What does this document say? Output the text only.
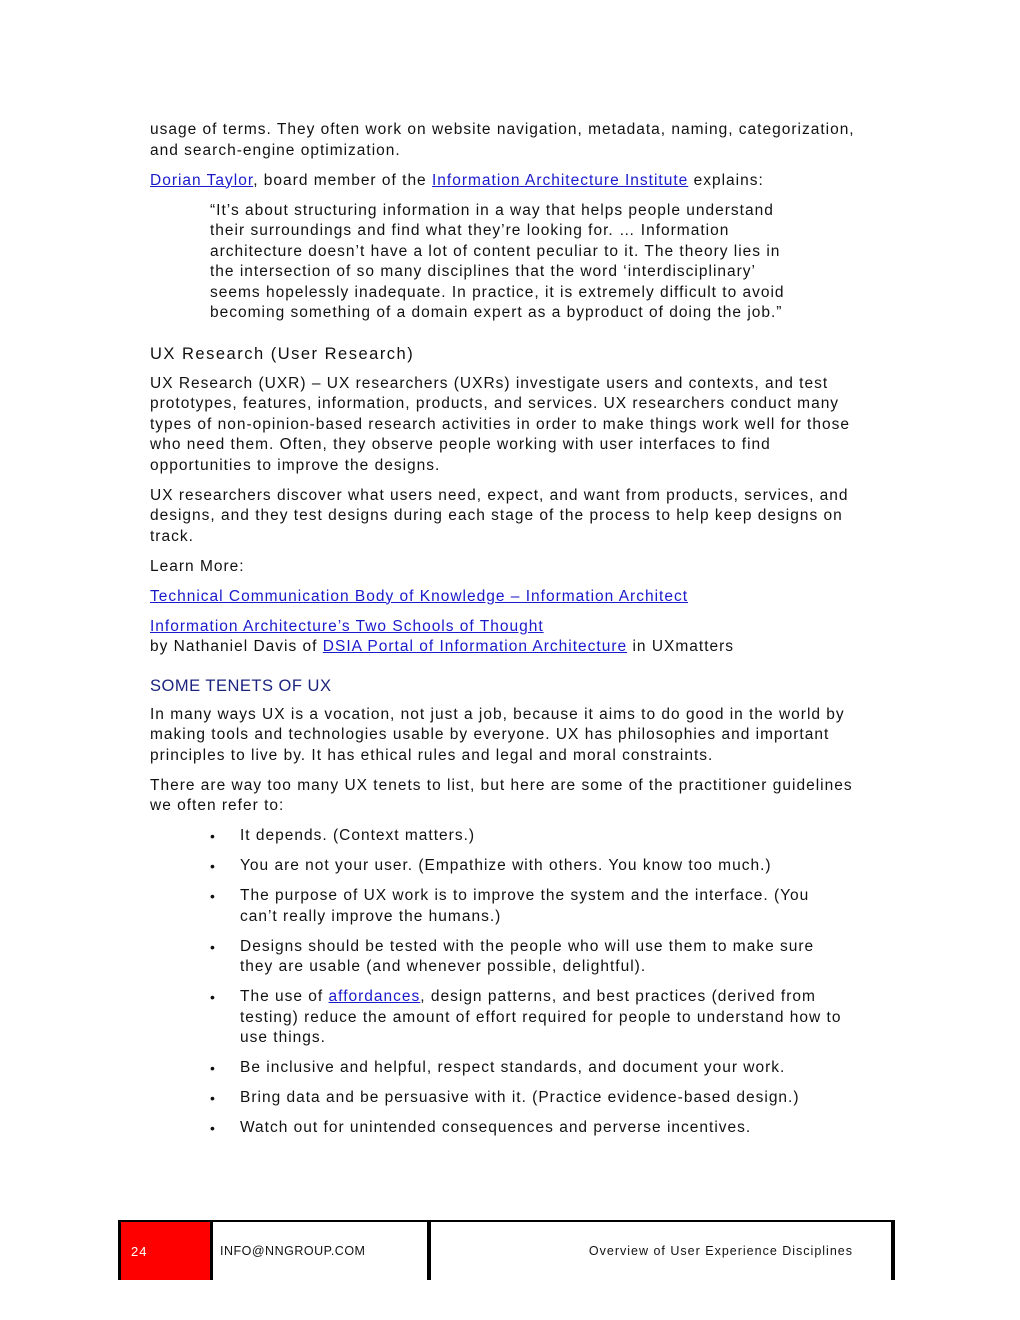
usage of terms. They often work on website navigation, metadata, naming, categorization, and search-engine optimization.

Dorian Taylor, board member of the Information Architecture Institute explains:

“It’s about structuring information in a way that helps people understand their surroundings and find what they’re looking for. … Information architecture doesn’t have a lot of content peculiar to it. The theory lies in the intersection of so many disciplines that the word ‘interdisciplinary’ seems hopelessly inadequate. In practice, it is extremely difficult to avoid becoming something of a domain expert as a byproduct of doing the job.”

UX Research (User Research)

UX Research (UXR) – UX researchers (UXRs) investigate users and contexts, and test prototypes, features, information, products, and services. UX researchers conduct many types of non-opinion-based research activities in order to make things work well for those who need them. Often, they observe people working with user interfaces to find opportunities to improve the designs.

UX researchers discover what users need, expect, and want from products, services, and designs, and they test designs during each stage of the process to help keep designs on track.

Learn More:

Technical Communication Body of Knowledge – Information Architect

Information Architecture’s Two Schools of Thought
by Nathaniel Davis of DSIA Portal of Information Architecture in UXmatters

SOME TENETS OF UX

In many ways UX is a vocation, not just a job, because it aims to do good in the world by making tools and technologies usable by everyone. UX has philosophies and important principles to live by. It has ethical rules and legal and moral constraints.

There are way too many UX tenets to list, but here are some of the practitioner guidelines we often refer to:

• It depends. (Context matters.)
• You are not your user. (Empathize with others. You know too much.)
• The purpose of UX work is to improve the system and the interface. (You can’t really improve the humans.)
• Designs should be tested with the people who will use them to make sure they are usable (and whenever possible, delightful).
• The use of affordances, design patterns, and best practices (derived from testing) reduce the amount of effort required for people to understand how to use things.
• Be inclusive and helpful, respect standards, and document your work.
• Bring data and be persuasive with it. (Practice evidence-based design.)
• Watch out for unintended consequences and perverse incentives.
24	INFO@NNGROUP.COM	Overview of User Experience Disciplines
